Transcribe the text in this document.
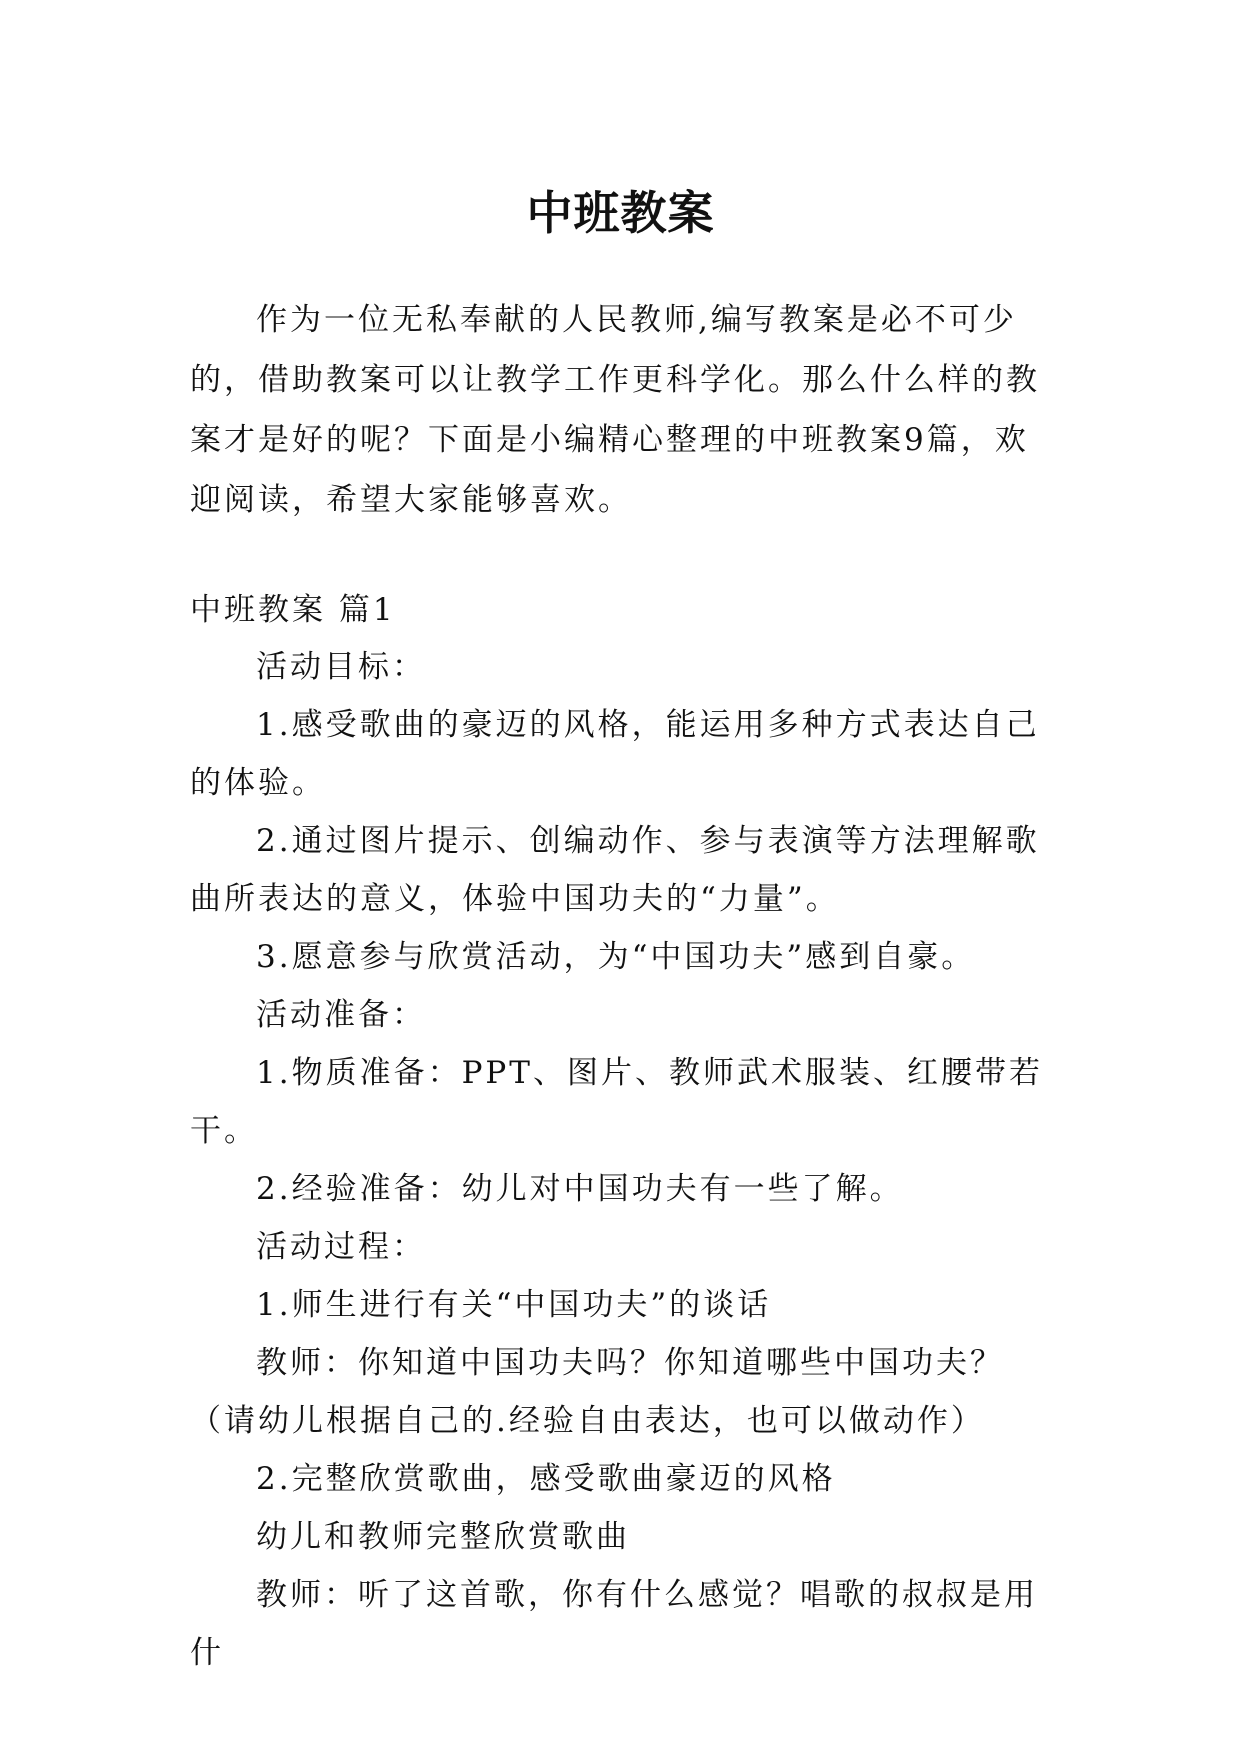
中班教案

作为一位无私奉献的人民教师,编写教案是必不可少的，借助教案可以让教学工作更科学化。那么什么样的教案才是好的呢？下面是小编精心整理的中班教案9篇，欢迎阅读，希望大家能够喜欢。

中班教案 篇1

活动目标：

1.感受歌曲的豪迈的风格，能运用多种方式表达自己的体验。

2.通过图片提示、创编动作、参与表演等方法理解歌曲所表达的意义，体验中国功夫的“力量”。

3.愿意参与欣赏活动，为“中国功夫”感到自豪。

活动准备：

1.物质准备：PPT、图片、教师武术服装、红腰带若干。

2.经验准备：幼儿对中国功夫有一些了解。

活动过程：

1.师生进行有关“中国功夫”的谈话

教师：你知道中国功夫吗？你知道哪些中国功夫？（请幼儿根据自己的.经验自由表达，也可以做动作）

2.完整欣赏歌曲，感受歌曲豪迈的风格

幼儿和教师完整欣赏歌曲

教师：听了这首歌，你有什么感觉？唱歌的叔叔是用什
